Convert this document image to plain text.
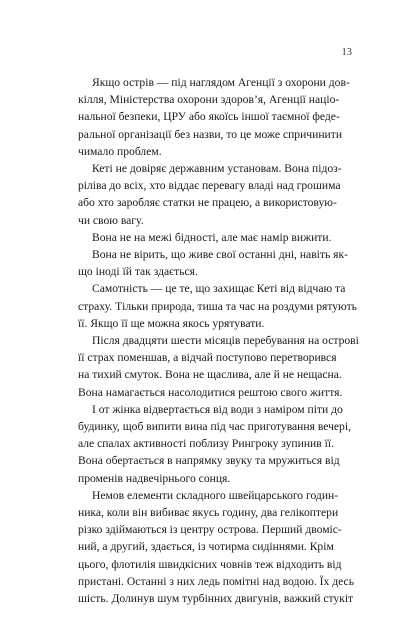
13

Якщо острів — під наглядом Агенції з охорони дов-
кілля, Міністерства охорони здоров’я, Агенції націо-
нальної безпеки, ЦРУ або якоїсь іншої таємної феде-
ральної організації без назви, то це може спричинити
чимало проблем.

Кеті не довіряє державним установам. Вона підоз-
ріліва до всіх, хто віддає перевагу владі над грошима
або хто заробляє статки не працею, а використовую-
чи свою вагу.

Вона не на межі бідності, але має намір вижити.

Вона не вірить, що живе свої останні дні, навіть як-
що іноді їй так здається.

Самотність — це те, що захищає Кеті від відчаю та
страху. Тільки природа, тиша та час на роздуми рятують
її. Якщо її ще можна якось урятувати.

Після двадцяти шести місяців перебування на острові
її страх поменшав, а відчай поступово перетворився
на тихий смуток. Вона не щаслива, але й не нещасна.
Вона намагається насолодитися рештою свого життя.

І от жінка відвертається від води з наміром піти до
будинку, щоб випити вина під час приготування вечері,
але спалах активності поблизу Рингроку зупинив її.
Вона обертається в напрямку звуку та мружиться від
променів надвечірнього сонця.

Немов елементи складного швейцарського годин-
ника, коли він вибиває якусь годину, два гелікоптери
різко здіймаються із центру острова. Перший двоміс-
ний, а другий, здається, із чотирма сидіннями. Крім
цього, флотилія швидкісних човнів теж відходить від
пристані. Останні з них ледь помітні над водою. Їх десь
шість. Долинув шум турбінних двигунів, важкий стукіт
